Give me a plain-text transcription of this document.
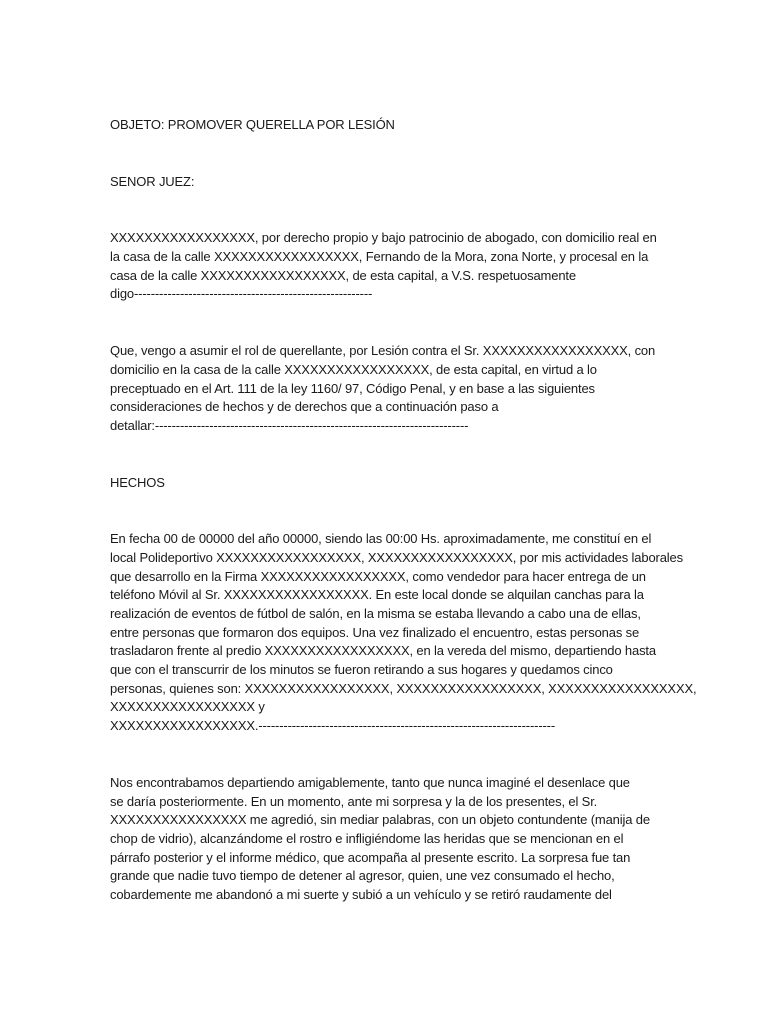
OBJETO: PROMOVER QUERELLA POR LESIÓN
SENOR JUEZ:
XXXXXXXXXXXXXXXXX, por derecho propio y bajo patrocinio de abogado, con domicilio real en
la casa de la calle XXXXXXXXXXXXXXXXX, Fernando de la Mora, zona Norte, y procesal en la
casa de la calle XXXXXXXXXXXXXXXXX, de esta capital, a V.S. respetuosamente
digo---------------------------------------------------------
Que, vengo a asumir el rol de querellante, por Lesión contra el Sr. XXXXXXXXXXXXXXXXX, con
domicilio en la casa de la calle XXXXXXXXXXXXXXXXX, de esta capital, en virtud a lo
preceptuado en el Art. 111 de la ley 1160/ 97, Código Penal, y en base a las siguientes
consideraciones de hechos y de derechos que a continuación paso a
detallar:---------------------------------------------------------------------------
HECHOS
En fecha 00 de 00000 del año 00000, siendo las 00:00 Hs. aproximadamente, me constituí en el
local Polideportivo XXXXXXXXXXXXXXXXX, XXXXXXXXXXXXXXXXX, por mis actividades laborales
que desarrollo en la Firma XXXXXXXXXXXXXXXXX, como vendedor para hacer entrega de un
teléfono Móvil al Sr. XXXXXXXXXXXXXXXXX. En este local donde se alquilan canchas para la
realización de eventos de fútbol de salón, en la misma se estaba llevando a cabo una de ellas,
entre personas que formaron dos equipos. Una vez finalizado el encuentro, estas personas se
trasladaron frente al predio XXXXXXXXXXXXXXXXX, en la vereda del mismo, departiendo hasta
que con el transcurrir de los minutos se fueron retirando a sus hogares y quedamos cinco
personas, quienes son: XXXXXXXXXXXXXXXXX, XXXXXXXXXXXXXXXXX, XXXXXXXXXXXXXXXXX,
XXXXXXXXXXXXXXXXX y
XXXXXXXXXXXXXXXXX.-----------------------------------------------------------------------
Nos encontrabamos departiendo amigablemente, tanto que nunca imaginé el desenlace que
se daría posteriormente. En un momento, ante mi sorpresa y la de los presentes, el Sr.
XXXXXXXXXXXXXXXX me agredió, sin mediar palabras, con un objeto contundente (manija de
chop de vidrio), alcanzándome el rostro e infligiéndome las heridas que se mencionan en el
párrafo posterior y el informe médico, que acompaña al presente escrito. La sorpresa fue tan
grande que nadie tuvo tiempo de detener al agresor, quien, une vez consumado el hecho,
cobardemente me abandonó a mi suerte y subió a un vehículo y se retiró raudamente del
